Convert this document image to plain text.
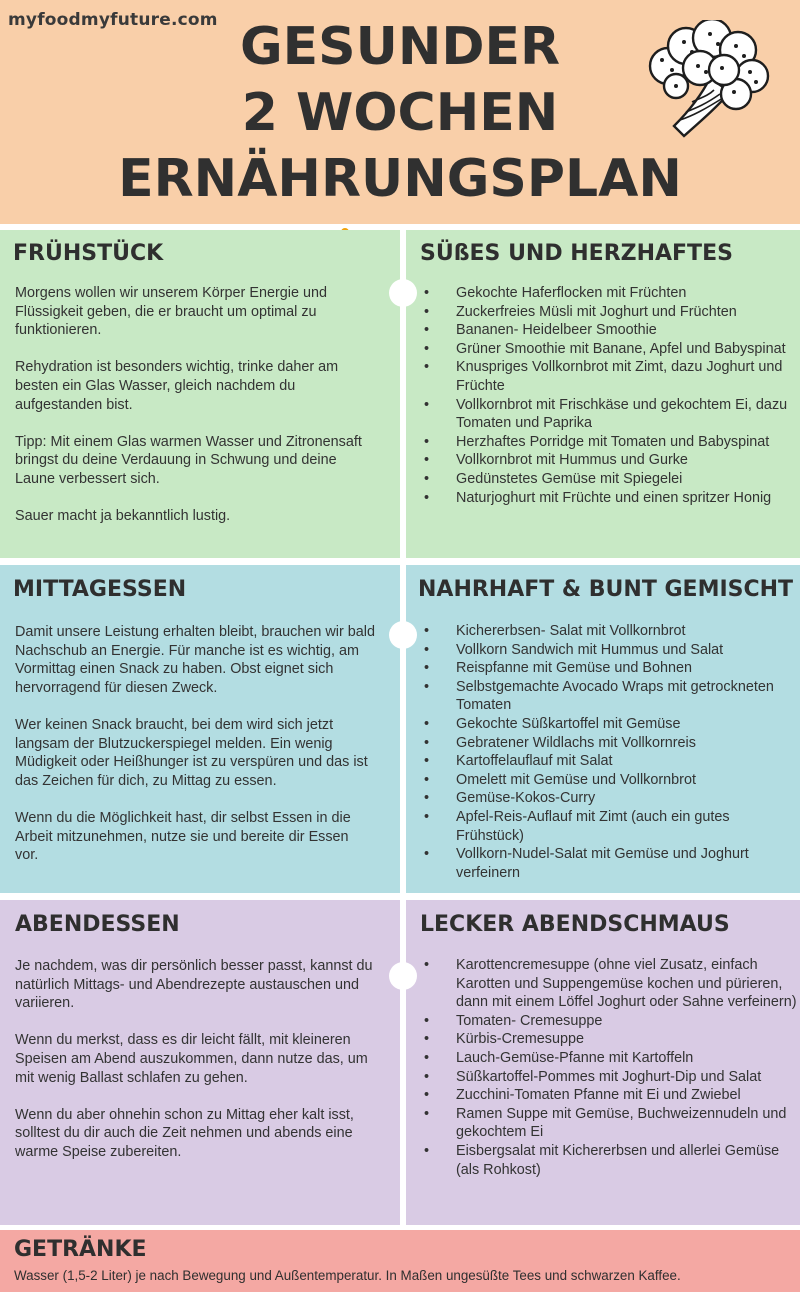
myfoodmyfuture.com GESUNDER
2 WOCHEN
ERNÄHRUNGSPLAN
FRÜHSTÜCK

Morgens wollen wir unserem Körper Energie und Flüssigkeit geben, die er braucht um optimal zu funktionieren.

Rehydration ist besonders wichtig, trinke daher am besten ein Glas Wasser, gleich nachdem du aufgestanden bist.

Tipp: Mit einem Glas warmen Wasser und Zitronensaft bringst du deine Verdauung in Schwung und deine Laune verbessert sich.

Sauer macht ja bekanntlich lustig.

SÜßES UND HERZHAFTES
• Gekochte Haferflocken mit Früchten
• Zuckerfreies Müsli mit Joghurt und Früchten
• Bananen- Heidelbeer Smoothie
• Grüner Smoothie mit Banane, Apfel und Babyspinat
• Knuspriges Vollkornbrot mit Zimt, dazu Joghurt und Früchte
• Vollkornbrot mit Frischkäse und gekochtem Ei, dazu Tomaten und Paprika
• Herzhaftes Porridge mit Tomaten und Babyspinat
• Vollkornbrot mit Hummus und Gurke
• Gedünstetes Gemüse mit Spiegelei
• Naturjoghurt mit Früchte und einen spritzer Honig
MITTAGESSEN

Damit unsere Leistung erhalten bleibt, brauchen wir bald Nachschub an Energie. Für manche ist es wichtig, am Vormittag einen Snack zu haben. Obst eignet sich hervorragend für diesen Zweck.

Wer keinen Snack braucht, bei dem wird sich jetzt langsam der Blutzuckerspiegel melden. Ein wenig Müdigkeit oder Heißhunger ist zu verspüren und das ist das Zeichen für dich, zu Mittag zu essen.

Wenn du die Möglichkeit hast, dir selbst Essen in die Arbeit mitzunehmen, nutze sie und bereite dir Essen vor.

NAHRHAFT & BUNT GEMISCHT
• Kichererbsen- Salat mit Vollkornbrot
• Vollkorn Sandwich mit Hummus und Salat
• Reispfanne mit Gemüse und Bohnen
• Selbstgemachte Avocado Wraps mit getrockneten Tomaten
• Gekochte Süßkartoffel mit Gemüse
• Gebratener Wildlachs mit Vollkornreis
• Kartoffelauflauf mit Salat
• Omelett mit Gemüse und Vollkornbrot
• Gemüse-Kokos-Curry
• Apfel-Reis-Auflauf mit Zimt (auch ein gutes Frühstück)
• Vollkorn-Nudel-Salat mit Gemüse und Joghurt verfeinern
ABENDESSEN

Je nachdem, was dir persönlich besser passt, kannst du natürlich Mittags- und Abendrezepte austauschen und variieren.

Wenn du merkst, dass es dir leicht fällt, mit kleineren Speisen am Abend auszukommen, dann nutze das, um mit wenig Ballast schlafen zu gehen.

Wenn du aber ohnehin schon zu Mittag eher kalt isst, solltest du dir auch die Zeit nehmen und abends eine warme Speise zubereiten.

LECKER ABENDSCHMAUS
• Karottencremesuppe (ohne viel Zusatz, einfach Karotten und Suppengemüse kochen und pürieren, dann mit einem Löffel Joghurt oder Sahne verfeinern)
• Tomaten- Cremesuppe
• Kürbis-Cremesuppe
• Lauch-Gemüse-Pfanne mit Kartoffeln
• Süßkartoffel-Pommes mit Joghurt-Dip und Salat
• Zucchini-Tomaten Pfanne mit Ei und Zwiebel
• Ramen Suppe mit Gemüse, Buchweizennudeln und gekochtem Ei
• Eisbergsalat mit Kichererbsen und allerlei Gemüse (als Rohkost)
GETRÄNKE
Wasser (1,5-2 Liter) je nach Bewegung und Außentemperatur. In Maßen ungesüßte Tees und schwarzen Kaffee.
